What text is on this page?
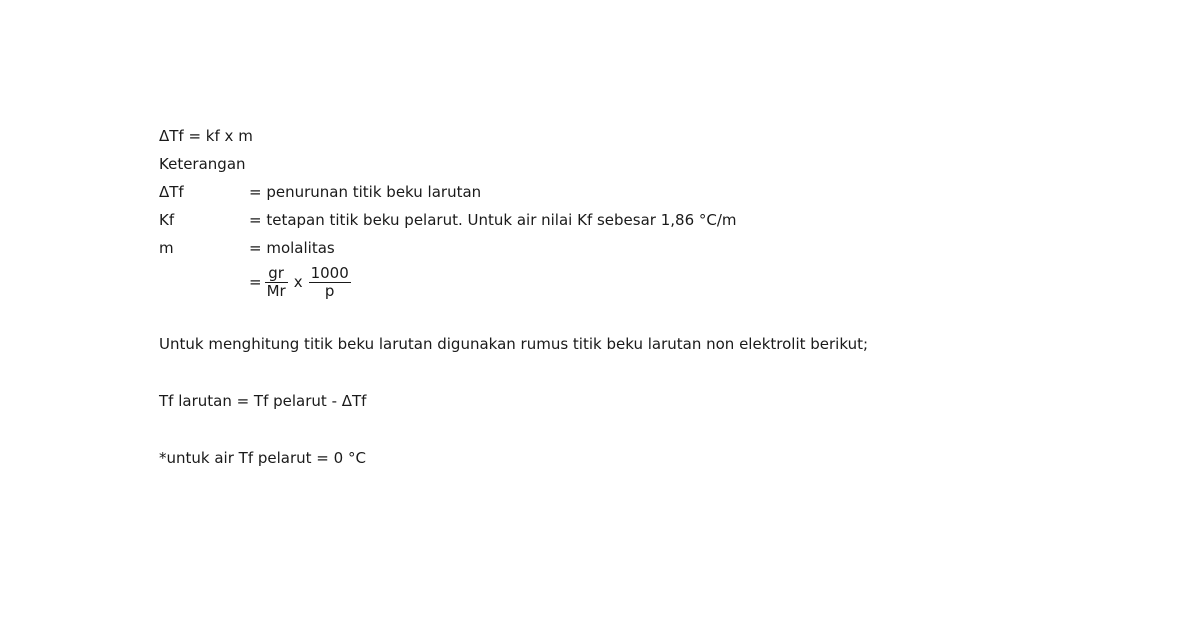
ΔTf = kf x m
Keterangan
ΔTf	= penurunan titik beku larutan
Kf	= tetapan titik beku pelarut. Untuk air nilai Kf sebesar 1,86 °C/m
m	= molalitas
= $\frac{gr}{Mr}$ x $\frac{1000}{p}$
Untuk menghitung titik beku larutan digunakan rumus titik beku larutan non elektrolit berikut;
Tf larutan = Tf pelarut - ΔTf
*untuk air Tf pelarut = 0 °C
